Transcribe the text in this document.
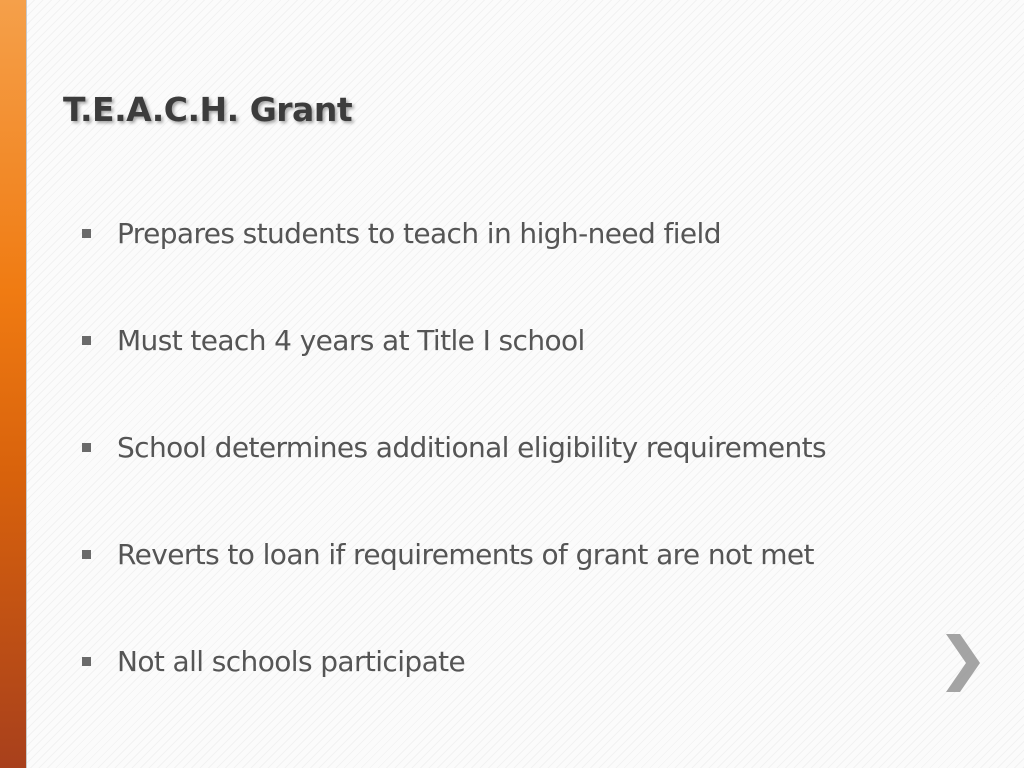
T.E.A.C.H. Grant
Prepares students to teach in high-need field
Must teach 4 years at Title I school
School determines additional eligibility requirements
Reverts to loan if requirements of grant are not met
Not all schools participate
